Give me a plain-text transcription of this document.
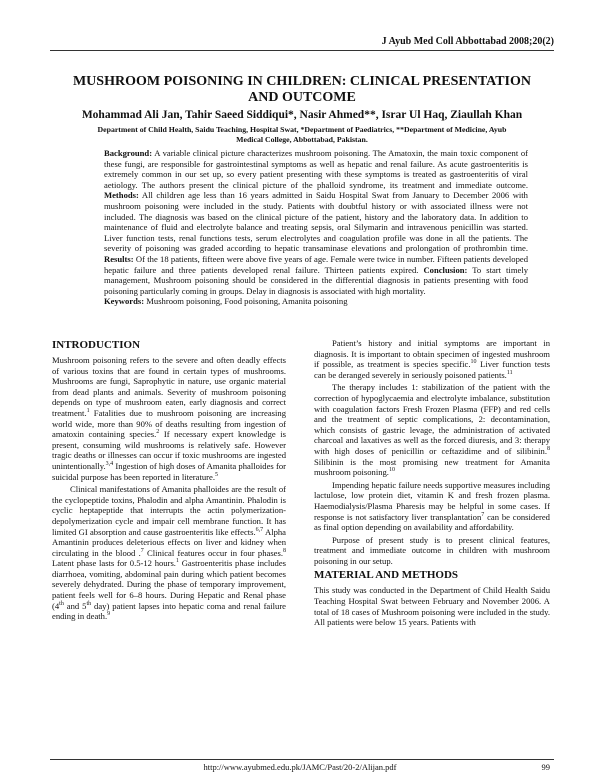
J Ayub Med Coll Abbottabad 2008;20(2)
MUSHROOM POISONING IN CHILDREN: CLINICAL PRESENTATION AND OUTCOME
Mohammad Ali Jan, Tahir Saeed Siddiqui*, Nasir Ahmed**, Israr Ul Haq, Ziaullah Khan
Department of Child Health, Saidu Teaching, Hospital Swat, *Department of Paediatrics, **Department of Medicine, Ayub Medical College, Abbottabad, Pakistan.
Background: A variable clinical picture characterizes mushroom poisoning. The Amatoxin, the main toxic component of these fungi, are responsible for gastrointestinal symptoms as well as hepatic and renal failure. As acute gastroenteritis is extremely common in our set up, so every patient presenting with these symptoms is treated as gastroenteritis of viral aetiology. The authors present the clinical picture of the phalloid syndrome, its treatment and immediate outcome. Methods: All children age less than 16 years admitted in Saidu Hospital Swat from January to December 2006 with mushroom poisoning were included in the study. Patients with doubtful history or with associated illness were not included. The diagnosis was based on the clinical picture of the patient, history and the laboratory data. In addition to maintenance of fluid and electrolyte balance and treating sepsis, oral Silymarin and intravenous penicillin was started. Liver function tests, renal functions tests, serum electrolytes and coagulation profile was done in all the patients. The severity of poisoning was graded according to hepatic transaminase elevations and prolongation of prothrombin time. Results: Of the 18 patients, fifteen were above five years of age. Female were twice in number. Fifteen patients developed hepatic failure and three patients developed renal failure. Thirteen patients expired. Conclusion: To start timely management, Mushroom poisoning should be considered in the differential diagnosis in patients presenting with food poisoning particularly coming in groups. Delay in diagnosis is associated with high mortality.
Keywords: Mushroom poisoning, Food poisoning, Amanita poisoning
INTRODUCTION

Mushroom poisoning refers to the severe and often deadly effects of various toxins that are found in certain types of mushrooms. Mushrooms are fungi, Saprophytic in nature, use organic material from dead plants and animals. Severity of mushroom poisoning depends on type of mushroom eaten, early diagnosis and correct treatment.$^1$ Fatalities due to mushroom poisoning are increasing world wide, more than 90% of deaths resulting from ingestion of amatoxin containing species.$^2$ If necessary expert knowledge is present, consuming wild mushrooms is relatively safe. However tragic deaths or illnesses can occur if toxic mushrooms are ingested unintentionally.$^{3,4}$ Ingestion of high doses of Amanita phalloides for suicidal purpose has been reported in literature.$^5$

Clinical manifestations of Amanita phalloides are the result of the cyclopeptide toxins, Phalodin and alpha Amantinin. Phalodin is cyclic heptapeptide that interrupts the actin polymerization-depolymerization cycle and impair cell membrane function. It has limited GI absorption and cause gastroenteritis like effects.$^{6,7}$ Alpha Amantinin produces deleterious effects on liver and kidney when circulating in the blood .$^7$ Clinical features occur in four phases.$^8$ Latent phase lasts for 0.5-12 hours.$^1$ Gastroenteritis phase includes diarrhoea, vomiting, abdominal pain during which patient becomes severely dehydrated. During the phase of temporary improvement, patient feels well for 6–8 hours. During Hepatic and Renal phase (4th and 5th day) patient lapses into hepatic coma and renal failure ending in death.$^9$

Patient’s history and initial symptoms are important in diagnosis. It is important to obtain specimen of ingested mushroom if possible, as treatment is species specific.$^{10}$ Liver function tests can be deranged severely in seriously poisoned patients.$^{11}$

The therapy includes 1: stabilization of the patient with the correction of hypoglycaemia and electrolyte imbalance, substitution with coagulation factors Fresh Frozen Plasma (FFP) and red cells and the treatment of septic complications, 2: decontamination, which consists of gastric levage, the administration of activated charcoal and laxatives as well as the forced diuresis, and 3: therapy with high doses of penicillin or ceftazidime and of silibinin.$^8$ Silibinin is the most promising new treatment for Amanita mushroom poisoning.$^{10}$

Impending hepatic failure needs supportive measures including lactulose, low protein diet, vitamin K and fresh frozen plasma. Haemodialysis/Plasma Pharesis may be helpful in some cases. If response is not satisfactory liver transplantation$^7$ can be considered as final option depending on availability and affordability.

Purpose of present study is to present clinical features, treatment and immediate outcome in children with mushroom poisoning in our setup.

MATERIAL AND METHODS

This study was conducted in the Department of Child Health Saidu Teaching Hospital Swat between February and November 2006. A total of 18 cases of Mushroom poisoning were included in the study. All patients were below 15 years. Patients with

http://www.ayubmed.edu.pk/JAMC/Past/20-2/Alijan.pdf	99
